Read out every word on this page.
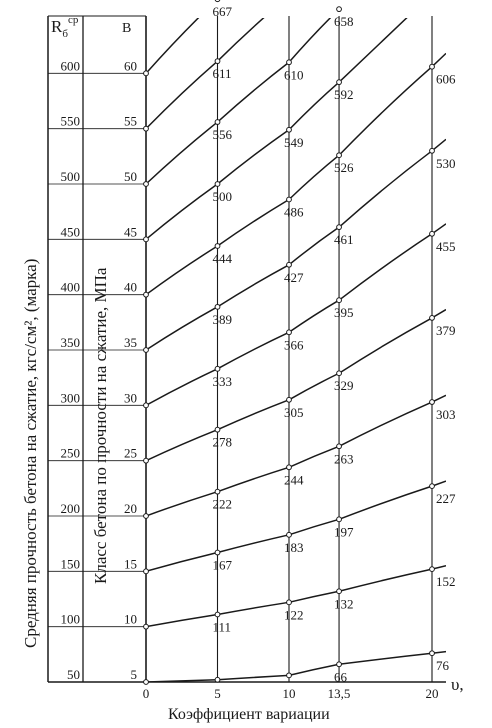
66
76
111
122
132
152
167
183
197
227
222
244
263
303
278
305
329
379
333
366
395
455
389
427
461
530
444
486
526
606
500
549
592
556
610
658
611
667
50
100
150
200
250
300
350
400
450
500
550
600
5
10
15
20
25
30
35
40
45
50
55
60
0	5	10 13,5	20
$R_б^{ср}$
В
Средняя прочность бетона на сжатие, кгс/см², (марка)	Класс бетона по прочности на сжатие, МПа
Коэффициент вариации
υ,
